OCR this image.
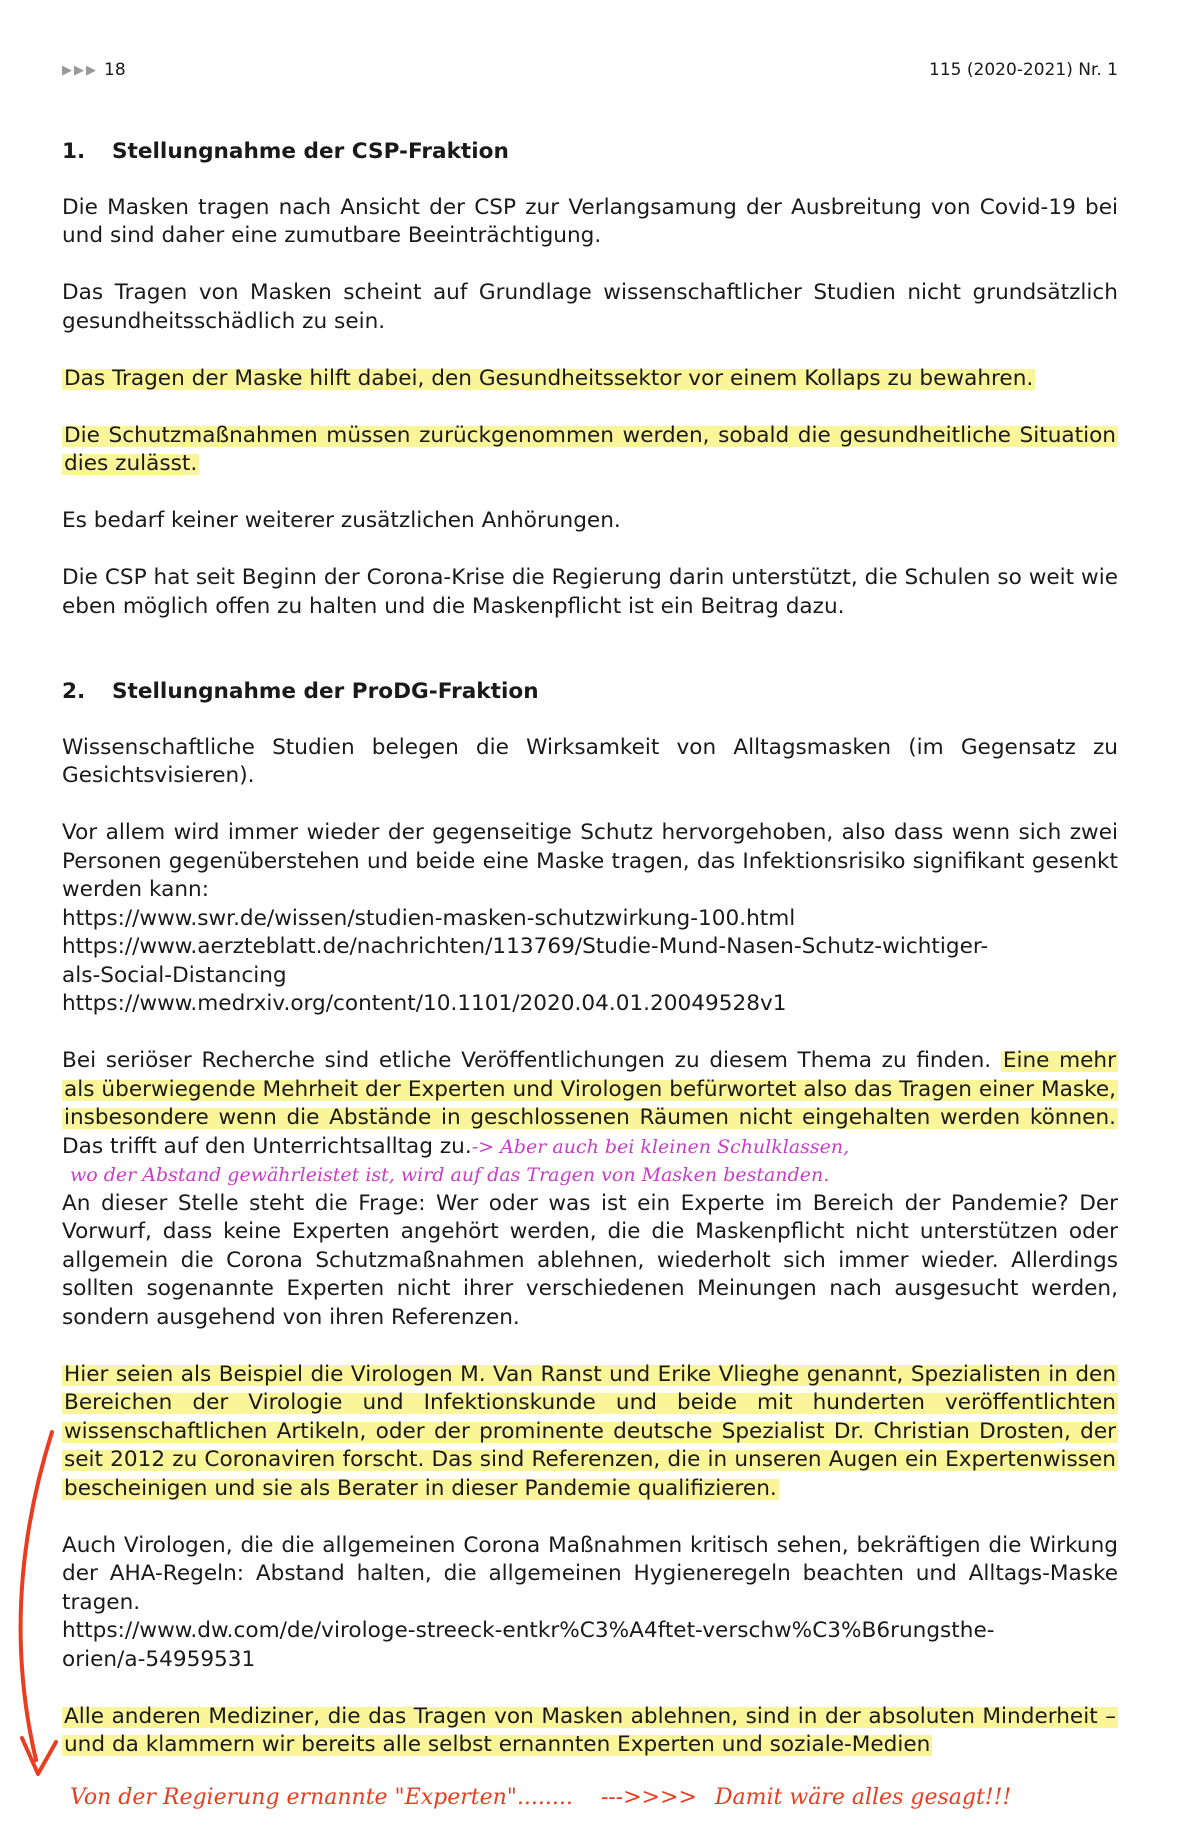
▶▶▶ 18	115 (2020-2021) Nr. 1
1.	Stellungnahme der CSP-Fraktion

Die Masken tragen nach Ansicht der CSP zur Verlangsamung der Ausbreitung von Covid-19 bei und sind daher eine zumutbare Beeinträchtigung.

Das Tragen von Masken scheint auf Grundlage wissenschaftlicher Studien nicht grundsätzlich gesundheitsschädlich zu sein.

Das Tragen der Maske hilft dabei, den Gesundheitssektor vor einem Kollaps zu bewahren.

Die Schutzmaßnahmen müssen zurückgenommen werden, sobald die gesundheitliche Situation dies zulässt.

Es bedarf keiner weiterer zusätzlichen Anhörungen.

Die CSP hat seit Beginn der Corona-Krise die Regierung darin unterstützt, die Schulen so weit wie eben möglich offen zu halten und die Maskenpflicht ist ein Beitrag dazu.

2.	Stellungnahme der ProDG-Fraktion

Wissenschaftliche Studien belegen die Wirksamkeit von Alltagsmasken (im Gegensatz zu Gesichtsvisieren).

Vor allem wird immer wieder der gegenseitige Schutz hervorgehoben, also dass wenn sich zwei Personen gegenüberstehen und beide eine Maske tragen, das Infektionsrisiko signifikant gesenkt werden kann:

https://www.swr.de/wissen/studien-masken-schutzwirkung-100.html

https://www.aerzteblatt.de/nachrichten/113769/Studie-Mund-Nasen-Schutz-wichtiger-

als-Social-Distancing

https://www.medrxiv.org/content/10.1101/2020.04.01.20049528v1

Bei seriöser Recherche sind etliche Veröffentlichungen zu diesem Thema zu finden. Eine mehr als überwiegende Mehrheit der Experten und Virologen befürwortet also das Tragen einer Maske, insbesondere wenn die Abstände in geschlossenen Räumen nicht eingehalten werden können. Das trifft auf den Unterrichtsalltag zu.-> Aber auch bei kleinen Schulklassen,

wo der Abstand gewährleistet ist, wird auf das Tragen von Masken bestanden.

An dieser Stelle steht die Frage: Wer oder was ist ein Experte im Bereich der Pandemie? Der Vorwurf, dass keine Experten angehört werden, die die Maskenpflicht nicht unterstützen oder allgemein die Corona Schutzmaßnahmen ablehnen, wiederholt sich immer wieder. Allerdings sollten sogenannte Experten nicht ihrer verschiedenen Meinungen nach ausgesucht werden, sondern ausgehend von ihren Referenzen.

Hier seien als Beispiel die Virologen M. Van Ranst und Erike Vlieghe genannt, Spezialisten in den Bereichen der Virologie und Infektionskunde und beide mit hunderten veröffentlichten wissenschaftlichen Artikeln, oder der prominente deutsche Spezialist Dr. Christian Drosten, der seit 2012 zu Coronaviren forscht. Das sind Referenzen, die in unseren Augen ein Expertenwissen bescheinigen und sie als Berater in dieser Pandemie qualifizieren.

Auch Virologen, die die allgemeinen Corona Maßnahmen kritisch sehen, bekräftigen die Wirkung der AHA-Regeln: Abstand halten, die allgemeinen Hygieneregeln beachten und Alltags-Maske tragen.

https://www.dw.com/de/virologe-streeck-entkr%C3%A4ftet-verschw%C3%B6rungsthe-

orien/a-54959531

Alle anderen Mediziner, die das Tragen von Masken ablehnen, sind in der absoluten Minderheit – und da klammern wir bereits alle selbst ernannten Experten und soziale-Medien

Von der Regierung ernannte "Experten"........ --->>>> Damit wäre alles gesagt!!!
